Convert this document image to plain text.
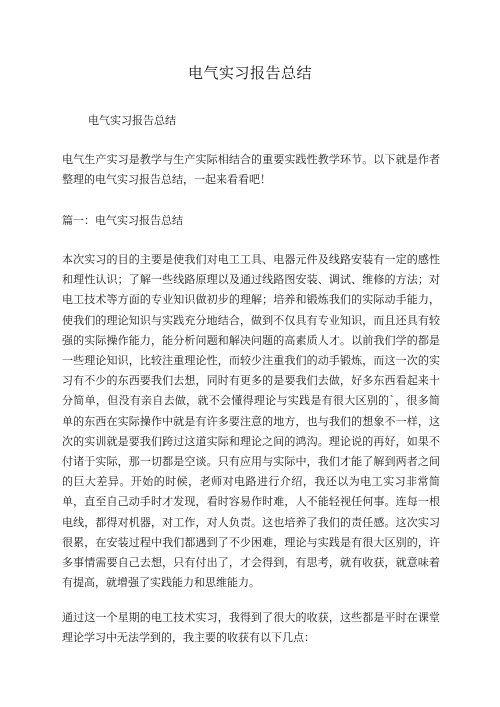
电气实习报告总结
电气实习报告总结
电气生产实习是教学与生产实际相结合的重要实践性教学环节。以下就是作者整理的电气实习报告总结，一起来看看吧！
篇一：电气实习报告总结
本次实习的目的主要是使我们对电工工具、电器元件及线路安装有一定的感性和理性认识；了解一些线路原理以及通过线路图安装、调试、维修的方法；对电工技术等方面的专业知识做初步的理解；培养和锻炼我们的实际动手能力，使我们的理论知识与实践充分地结合，做到不仅具有专业知识，而且还具有较强的实际操作能力，能分析问题和解决问题的高素质人才。以前我们学的都是一些理论知识，比较注重理论性，而较少注重我们的动手锻炼，而这一次的实习有不少的东西要我们去想，同时有更多的是要我们去做，好多东西看起来十分简单，但没有亲自去做，就不会懂得理论与实践是有很大区别的`，很多简单的东西在实际操作中就是有许多要注意的地方，也与我们的想象不一样，这次的实训就是要我们跨过这道实际和理论之间的鸿沟。理论说的再好，如果不付诸于实际，那一切都是空谈。只有应用与实际中，我们才能了解到两者之间的巨大差异。开始的时候，老师对电路进行介绍，我还以为电工实习非常简单，直至自己动手时才发现，看时容易作时难，人不能轻视任何事。连每一根电线，都得对机器，对工作，对人负责。这也培养了我们的责任感。这次实习很累，在安装过程中我们都遇到了不少困难，理论与实践是有很大区别的，许多事情需要自己去想，只有付出了，才会得到，有思考，就有收获，就意味着有提高，就增强了实践能力和思维能力。
通过这一个星期的电工技术实习，我得到了很大的收获，这些都是平时在课堂理论学习中无法学到的，我主要的收获有以下几点：
